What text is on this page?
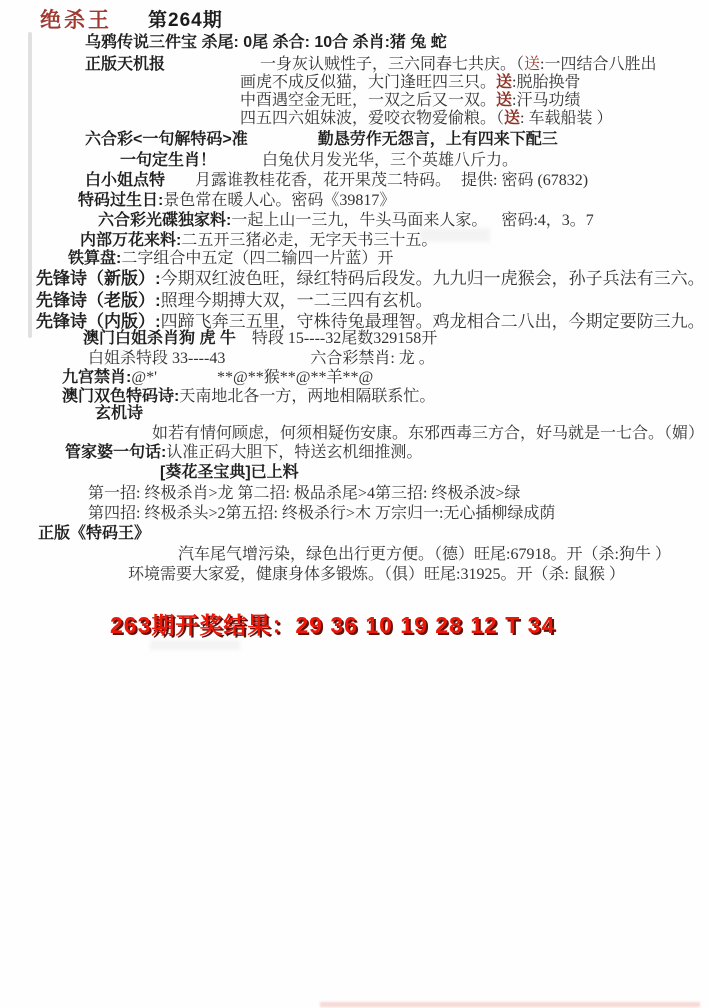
绝杀王 第264期
乌鸦传说三件宝 杀尾: 0尾 杀合: 10合 杀肖:猪 兔 蛇
正版天机报	一身灰认贼性子，三六同春七共庆。（送:一四结合八胜出
画虎不成反似猫，大门逢旺四三只。送:脱胎换骨
中酉遇空金无旺，一双之后又一双。送:汗马功绩
四五四六姐妹波，爱咬衣物爱偷粮。（送: 车载船装 ）
六合彩<一句解特码>准	勤恳劳作无怨言，上有四来下配三
一句定生肖！	白兔伏月发光华，三个英雄八斤力。
白小姐点特 月露谁教桂花香，花开果茂二特码。 提供: 密码 (67832)
特码过生日:景色常在暖人心。密码《39817》
六合彩光碟独家料:一起上山一三九，牛头马面来人家。 密码:4，3。7
内部万花来料:二五开三猪必走，无字天书三十五。
铁算盘:二字组合中五定（四二输四一片蓝）开
先锋诗（新版）:今期双红波色旺，绿红特码后段发。九九归一虎猴会，孙子兵法有三六。
先锋诗（老版）:照理今期搏大双，一二三四有玄机。
先锋诗（内版）:四蹄飞奔三五里，守株待兔最理智。鸡龙相合二八出，今期定要防三九。
澳门白姐杀肖狗 虎 牛 特段 15----32尾数329158开
白姐杀特段 33----43	六合彩禁肖: 龙 。
九宫禁肖:@*'	**@**猴**@**羊**@
澳门双色特码诗:天南地北各一方，两地相隔联系忙。
玄机诗
如若有情何顾虑，何须相疑伤安康。东邪西毒三方合，好马就是一七合。（媚）
管家婆一句话:认准正码大胆下，特送玄机细推测。
[葵花圣宝典]已上料
第一招: 终极杀肖>龙 第二招: 极品杀尾>4第三招: 终极杀波>绿
第四招: 终极杀头>2第五招: 终极杀行>木 万宗归一:无心插柳绿成荫
正版《特码王》
汽车尾气增污染，绿色出行更方便。（德）旺尾:67918。开（杀:狗牛 ）
环境需要大家爱，健康身体多锻炼。（俱）旺尾:31925。开（杀: 鼠猴 ）
263期开奖结果：29 36 10 19 28 12 T 34
